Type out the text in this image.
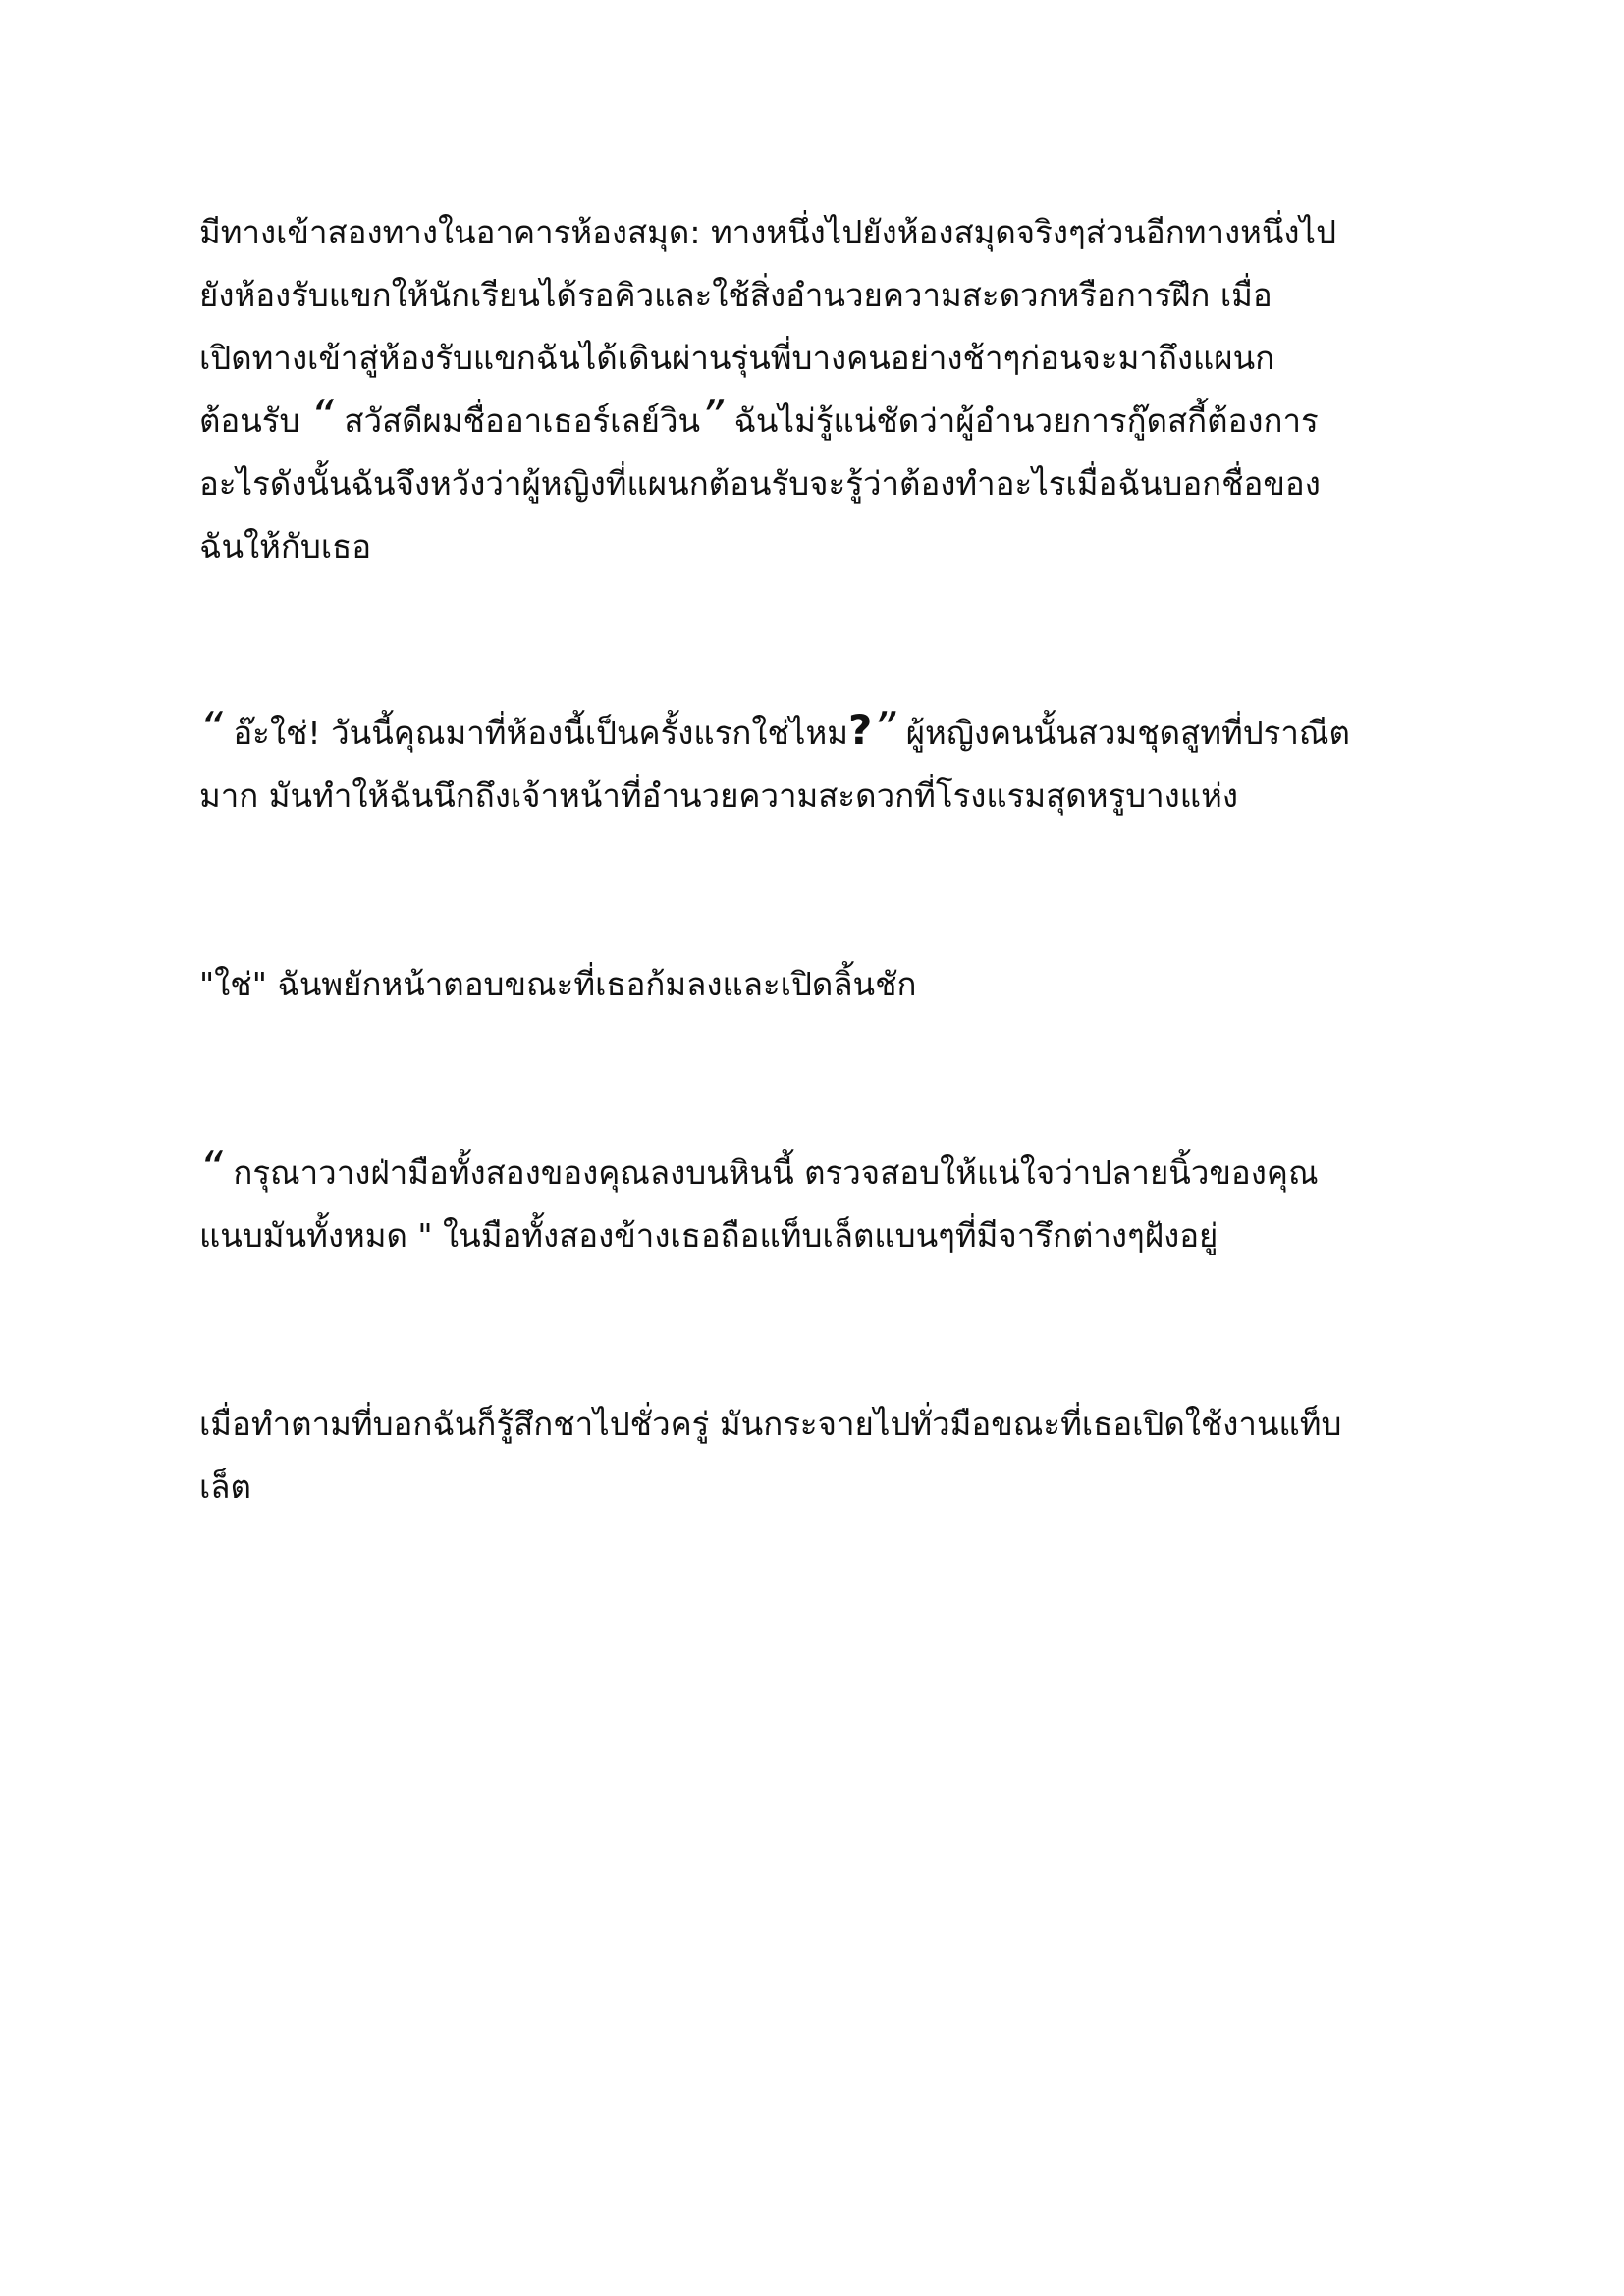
มีทางเข้าสองทางในอาคารห้องสมุด: ทางหนึ่งไปยังห้องสมุดจริงๆส่วนอีกทางหนึ่งไป
ยังห้องรับแขกให้นักเรียนได้รอคิวและใช้สิ่งอำนวยความสะดวกหรือการฝึก เมื่อ
เปิดทางเข้าสู่ห้องรับแขกฉันได้เดินผ่านรุ่นพี่บางคนอย่างช้าๆก่อนจะมาถึงแผนก
ต้อนรับ “ สวัสดีผมชื่ออาเธอร์เลย์วิน” ฉันไม่รู้แน่ชัดว่าผู้อำนวยการกู๊ดสกี้ต้องการ
อะไรดังนั้นฉันจึงหวังว่าผู้หญิงที่แผนกต้อนรับจะรู้ว่าต้องทำอะไรเมื่อฉันบอกชื่อของ
ฉันให้กับเธอ

“ อ๊ะใช่! วันนี้คุณมาที่ห้องนี้เป็นครั้งแรกใช่ไหม?” ผู้หญิงคนนั้นสวมชุดสูทที่ปราณีต
มาก มันทำให้ฉันนึกถึงเจ้าหน้าที่อำนวยความสะดวกที่โรงแรมสุดหรูบางแห่ง

"ใช่" ฉันพยักหน้าตอบขณะที่เธอก้มลงและเปิดลิ้นชัก

“ กรุณาวางฝ่ามือทั้งสองของคุณลงบนหินนี้ ตรวจสอบให้แน่ใจว่าปลายนิ้วของคุณ
แนบมันทั้งหมด " ในมือทั้งสองข้างเธอถือแท็บเล็ตแบนๆที่มีจารึกต่างๆฝังอยู่

เมื่อทำตามที่บอกฉันก็รู้สึกชาไปชั่วครู่ มันกระจายไปทั่วมือขณะที่เธอเปิดใช้งานแท็บ
เล็ต
